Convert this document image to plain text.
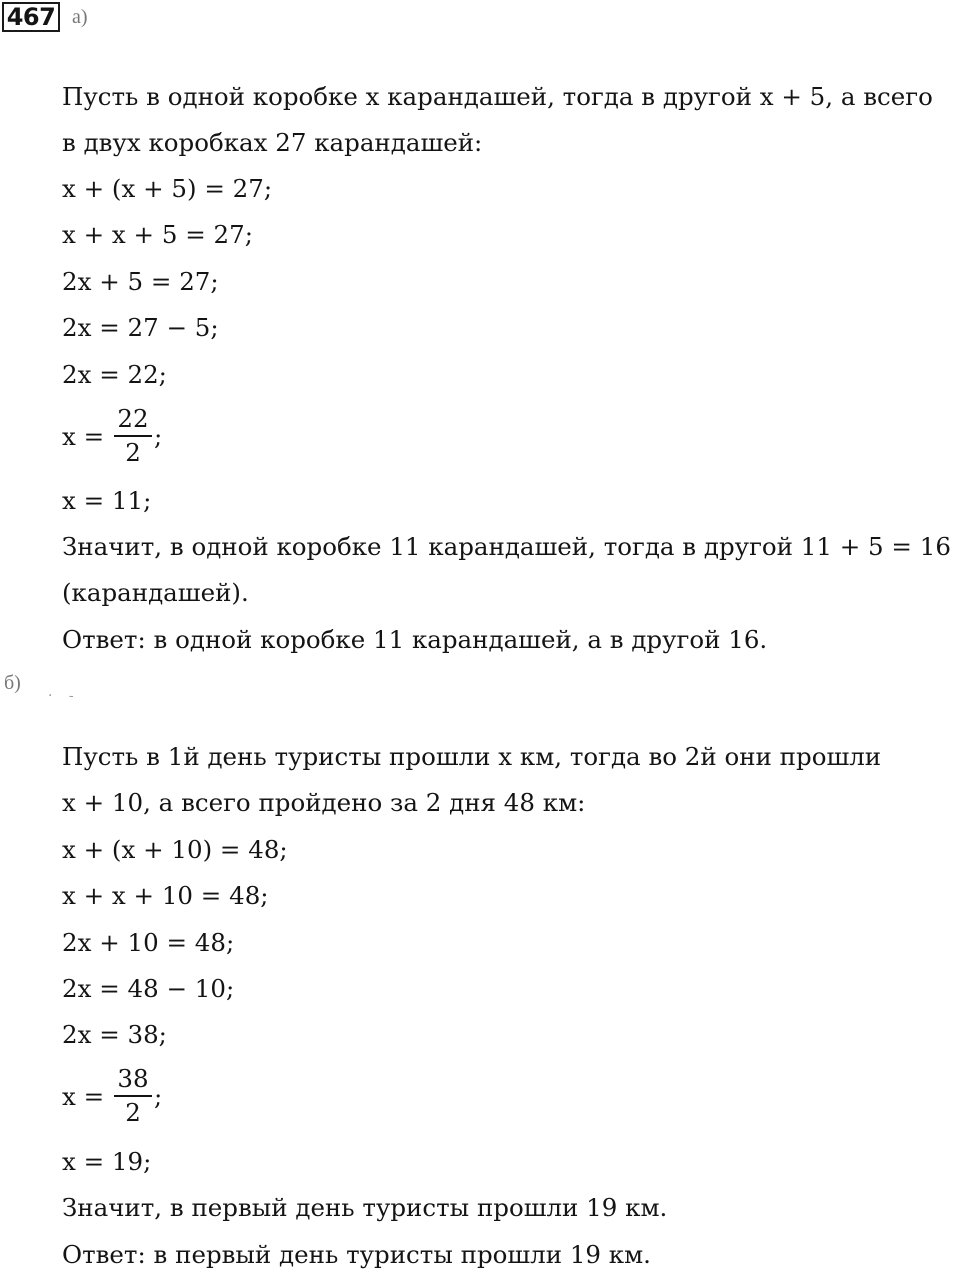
467 а)
Пусть в одной коробке x карандашей, тогда в другой x + 5, а всего
в двух коробках 27 карандашей:
x + (x + 5) = 27;
x + x + 5 = 27;
2x + 5 = 27;
2x = 27 − 5;
2x = 22;
x =
22
2
;
x = 11;
Значит, в одной коробке 11 карандашей, тогда в другой 11 + 5 = 16
(карандашей).
Ответ: в одной коробке 11 карандашей, а в другой 16.
б)
· -
Пусть в 1й день туристы прошли x км, тогда во 2й они прошли
x + 10, а всего пройдено за 2 дня 48 км:
x + (x + 10) = 48;
x + x + 10 = 48;
2x + 10 = 48;
2x = 48 − 10;
2x = 38;
x =
38
2
;
x = 19;
Значит, в первый день туристы прошли 19 км.
Ответ: в первый день туристы прошли 19 км.
